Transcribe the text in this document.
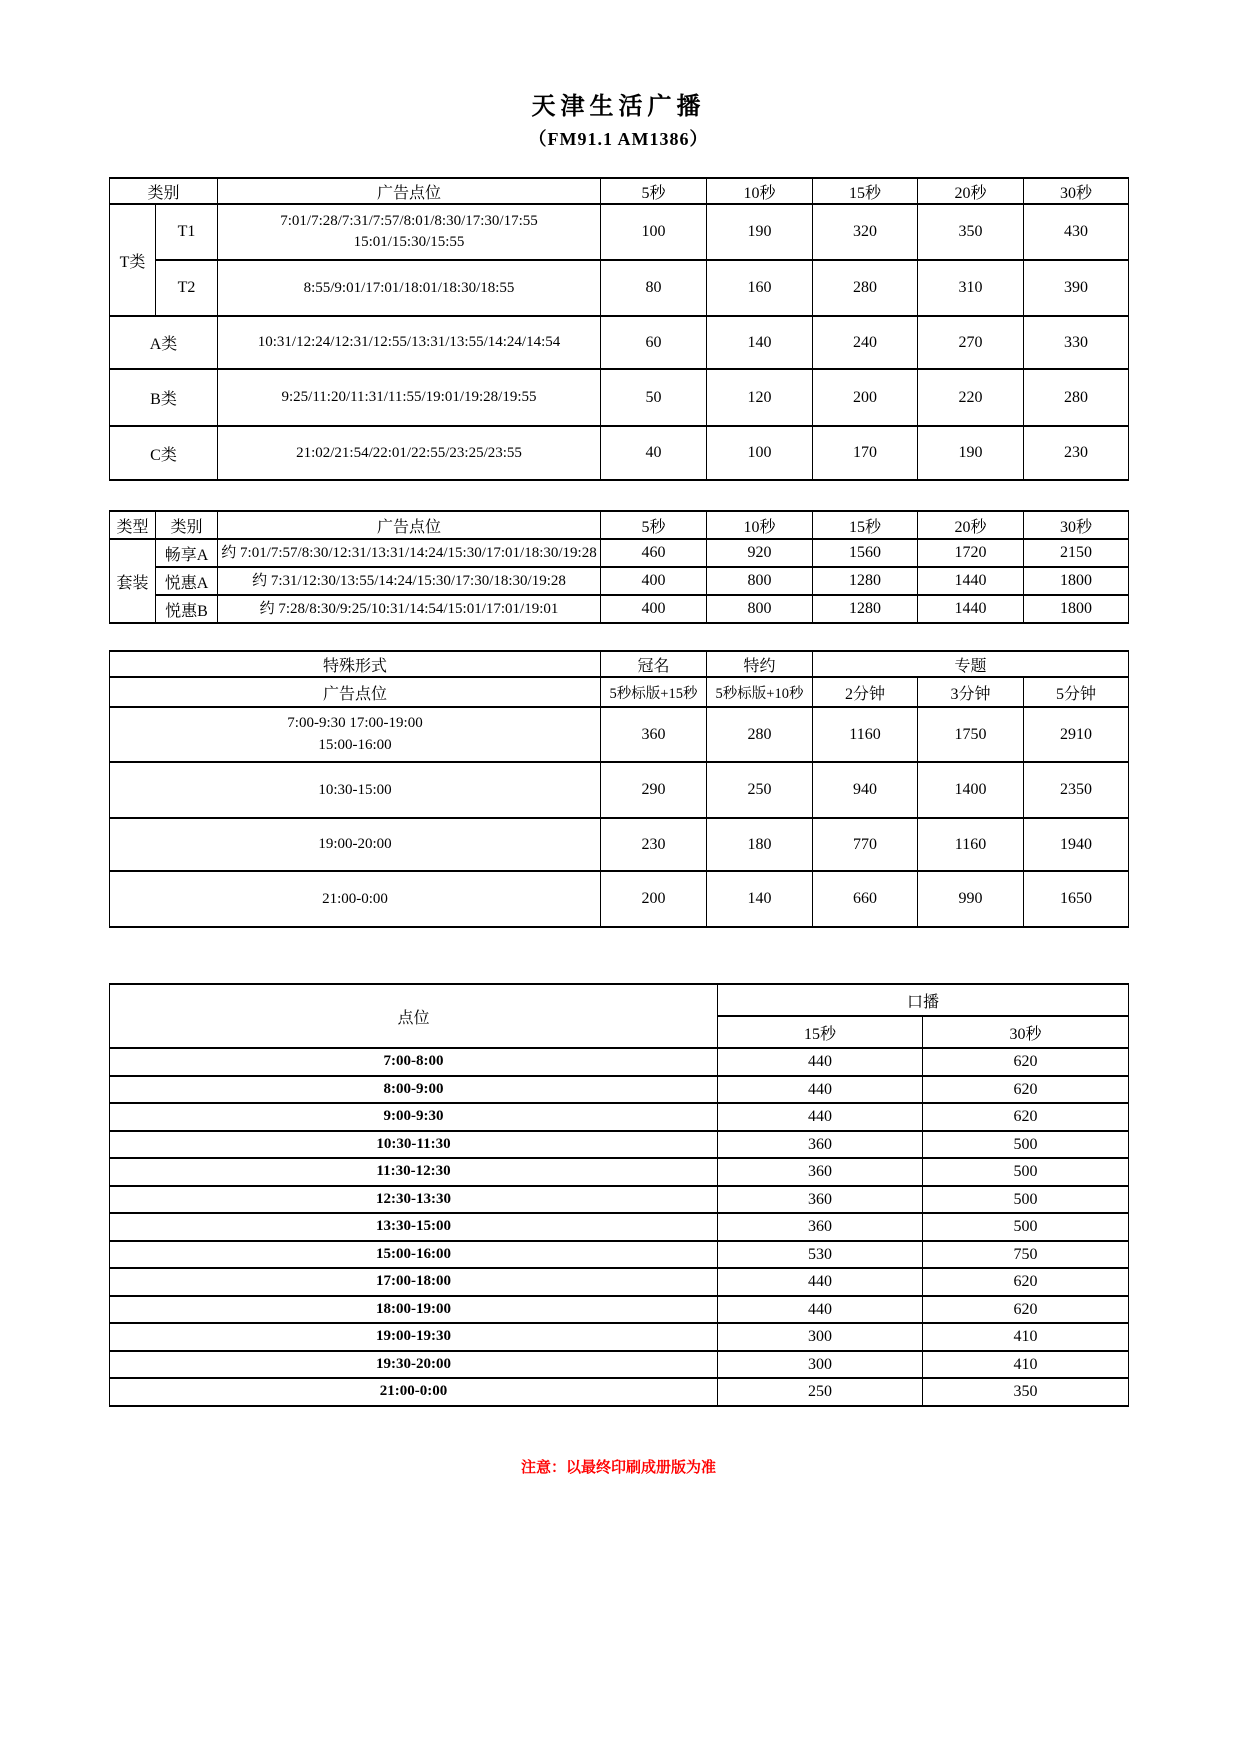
天津生活广播
（FM91.1 AM1386）
类别		广告点位	5秒	10秒	15秒	20秒	30秒
T类	T1	7:01/7:28/7:31/7:57/8:01/8:30/17:30/17:55
15:01/15:30/15:55	100	190	320	350	430
	T2	8:55/9:01/17:01/18:01/18:30/18:55	80	160	280	310	390
A类		10:31/12:24/12:31/12:55/13:31/13:55/14:24/14:54	60	140	240	270	330
B类		9:25/11:20/11:31/11:55/19:01/19:28/19:55	50	120	200	220	280
C类		21:02/21:54/22:01/22:55/23:25/23:55	40	100	170	190	230
类型	类别	广告点位	5秒	10秒	15秒	20秒	30秒
套装	畅享A	约 7:01/7:57/8:30/12:31/13:31/14:24/15:30/17:01/18:30/19:28	460	920	1560	1720	2150
	悦惠A	约 7:31/12:30/13:55/14:24/15:30/17:30/18:30/19:28	400	800	1280	1440	1800
	悦惠B	约 7:28/8:30/9:25/10:31/14:54/15:01/17:01/19:01	400	800	1280	1440	1800
特殊形式	冠名	特约	专题		
广告点位	5秒标版+15秒	5秒标版+10秒	2分钟	3分钟	5分钟

7:00-9:30 17:00-19:00
15:00-16:00	360	280	1160	1750	2910
10:30-15:00	290	250	940	1400	2350
19:00-20:00	230	180	770	1160	1940
21:00-0:00	200	140	660	990	1650
点位	口播	
	15秒	30秒
7:00-8:00	440	620
8:00-9:00	440	620
9:00-9:30	440	620
10:30-11:30	360	500
11:30-12:30	360	500
12:30-13:30	360	500
13:30-15:00	360	500
15:00-16:00	530	750
17:00-18:00	440	620
18:00-19:00	440	620
19:00-19:30	300	410
19:30-20:00	300	410
21:00-0:00	250	350
注意：以最终印刷成册版为准
